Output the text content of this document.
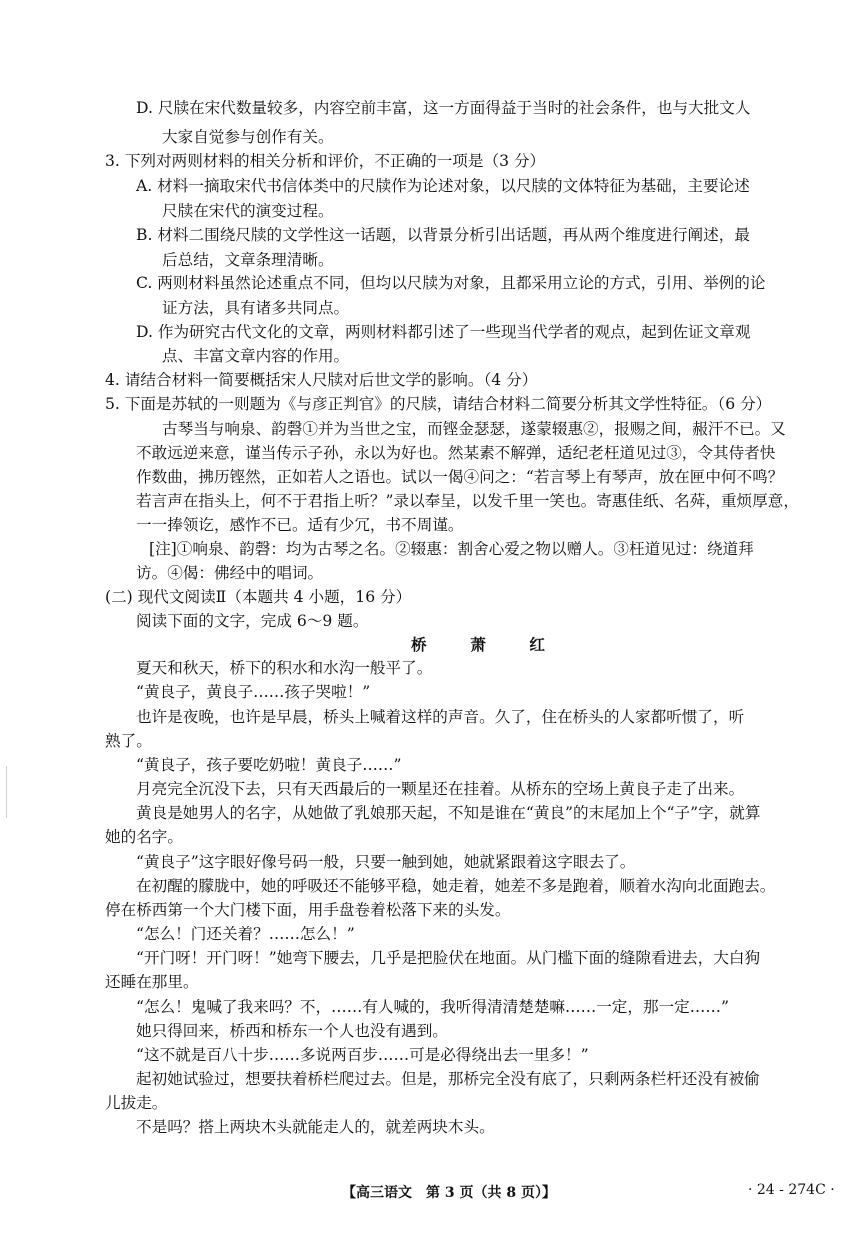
D. 尺牍在宋代数量较多，内容空前丰富，这一方面得益于当时的社会条件，也与大批文人
大家自觉参与创作有关。
3. 下列对两则材料的相关分析和评价，不正确的一项是（3 分）
A. 材料一摘取宋代书信体类中的尺牍作为论述对象，以尺牍的文体特征为基础，主要论述
尺牍在宋代的演变过程。
B. 材料二围绕尺牍的文学性这一话题，以背景分析引出话题，再从两个维度进行阐述，最
后总结，文章条理清晰。
C. 两则材料虽然论述重点不同，但均以尺牍为对象，且都采用立论的方式，引用、举例的论
证方法，具有诸多共同点。
D. 作为研究古代文化的文章，两则材料都引述了一些现当代学者的观点，起到佐证文章观
点、丰富文章内容的作用。
4. 请结合材料一简要概括宋人尺牍对后世文学的影响。（4 分）
5. 下面是苏轼的一则题为《与彦正判官》的尺牍，请结合材料二简要分析其文学性特征。（6 分）
古琴当与响泉、韵磬①并为当世之宝，而铿金瑟瑟，遂蒙辍惠②，报赐之间，赧汗不已。又
不敢远逆来意，谨当传示子孙，永以为好也。然某素不解弹，适纪老枉道见过③，令其侍者快
作数曲，拂历铿然，正如若人之语也。试以一偈④问之：“若言琴上有琴声，放在匣中何不鸣？
若言声在指头上，何不于君指上听？”录以奉呈，以发千里一笑也。寄惠佳纸、名荈，重烦厚意，
一一捧领讫，感怍不已。适有少冗，书不周谨。
[注]①响泉、韵磬：均为古琴之名。②辍惠：割舍心爱之物以赠人。③枉道见过：绕道拜
访。④偈：佛经中的唱词。
(二) 现代文阅读Ⅱ（本题共 4 小题，16 分）
阅读下面的文字，完成 6～9 题。
桥　萧　红
夏天和秋天，桥下的积水和水沟一般平了。
“黄良子，黄良子……孩子哭啦！”
也许是夜晚，也许是早晨，桥头上喊着这样的声音。久了，住在桥头的人家都听惯了，听
熟了。
“黄良子，孩子要吃奶啦！黄良子……”
月亮完全沉没下去，只有天西最后的一颗星还在挂着。从桥东的空场上黄良子走了出来。
黄良是她男人的名字，从她做了乳娘那天起，不知是谁在“黄良”的末尾加上个“子”字，就算
她的名字。
“黄良子”这字眼好像号码一般，只要一触到她，她就紧跟着这字眼去了。
在初醒的朦胧中，她的呼吸还不能够平稳，她走着，她差不多是跑着，顺着水沟向北面跑去。
停在桥西第一个大门楼下面，用手盘卷着松落下来的头发。
“怎么！门还关着？……怎么！”
“开门呀！开门呀！”她弯下腰去，几乎是把脸伏在地面。从门槛下面的缝隙看进去，大白狗
还睡在那里。
“怎么！鬼喊了我来吗？不，……有人喊的，我听得清清楚楚嘛……一定，那一定……”
她只得回来，桥西和桥东一个人也没有遇到。
“这不就是百八十步……多说两百步……可是必得绕出去一里多！”
起初她试验过，想要扶着桥栏爬过去。但是，那桥完全没有底了，只剩两条栏杆还没有被偷
儿拔走。
不是吗？搭上两块木头就能走人的，就差两块木头。
【高三语文　第 3 页（共 8 页）】	· 24 - 274C ·
